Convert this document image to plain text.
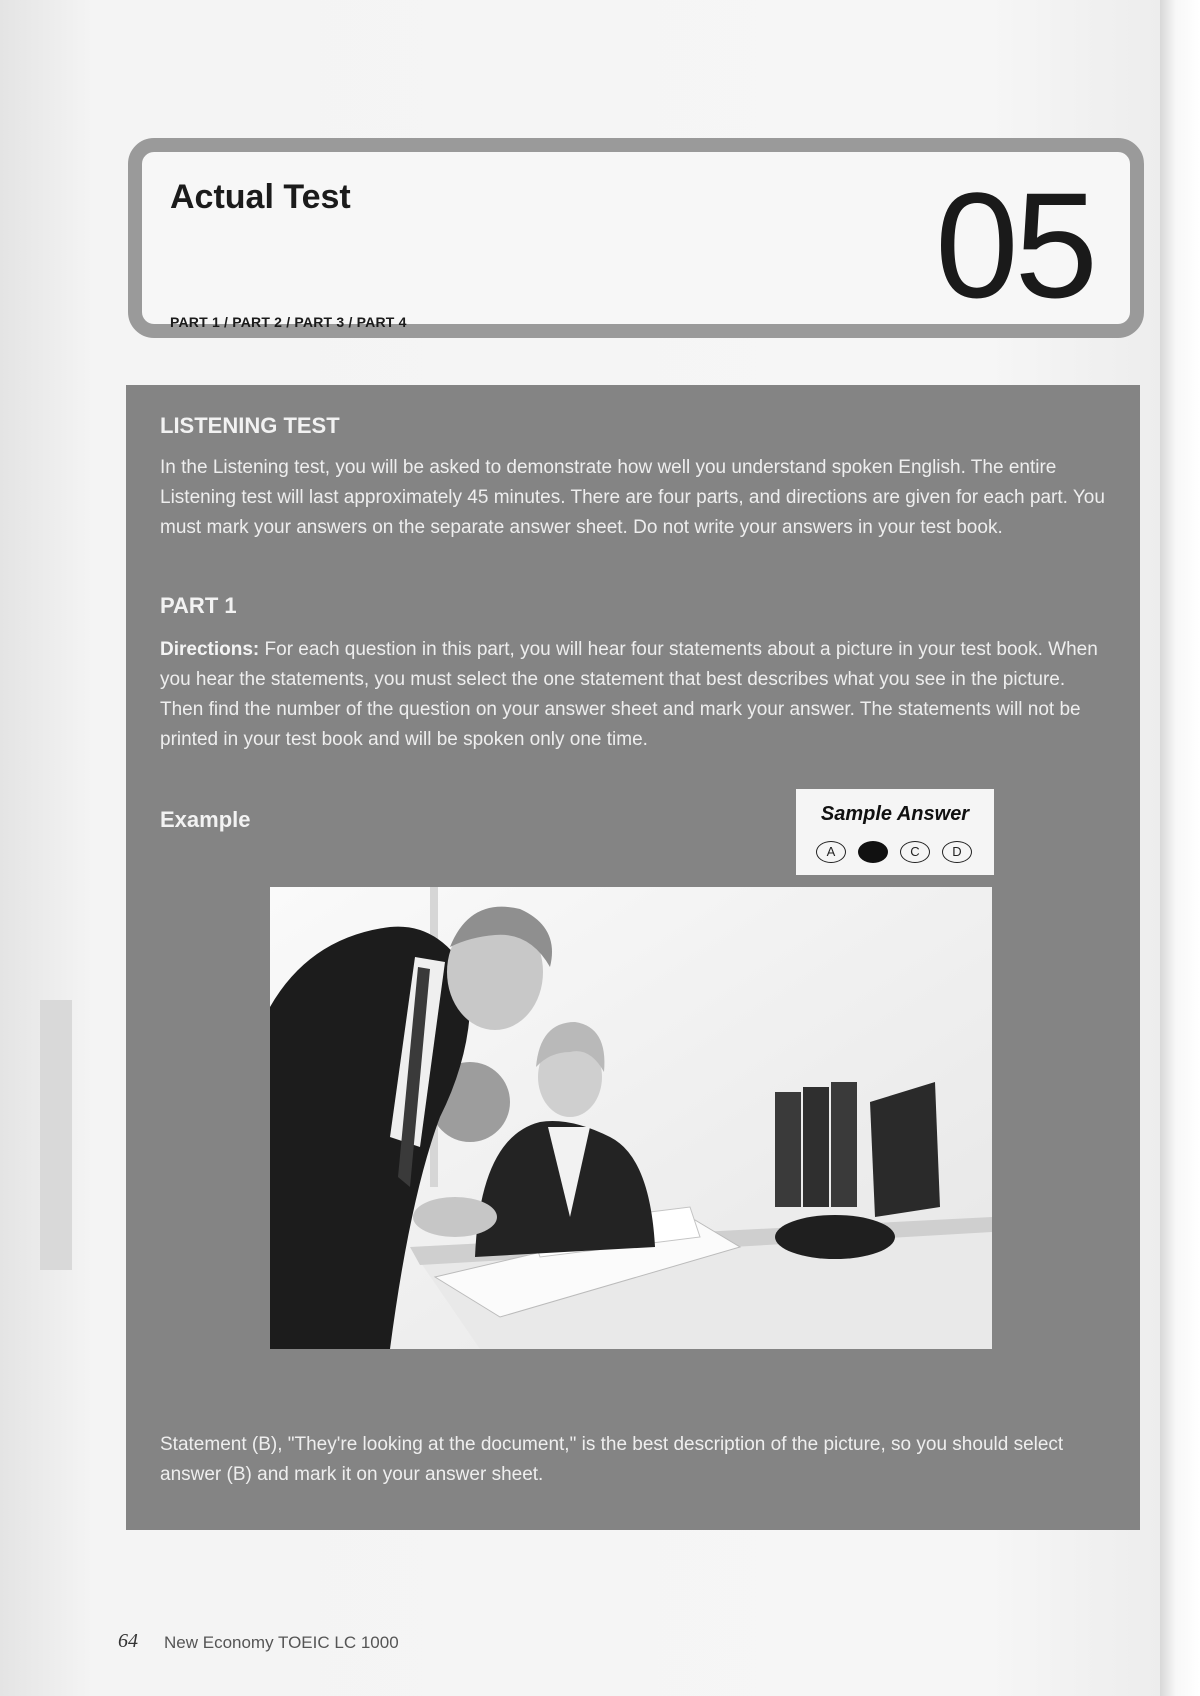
Actual Test
PART 1 / PART 2 / PART 3 / PART 4	05
LISTENING TEST
In the Listening test, you will be asked to demonstrate how well you understand spoken English. The entire Listening test will last approximately 45 minutes. There are four parts, and directions are given for each part. You must mark your answers on the separate answer sheet. Do not write your answers in your test book.
PART 1
Directions: For each question in this part, you will hear four statements about a picture in your test book. When you hear the statements, you must select the one statement that best describes what you see in the picture. Then find the number of the question on your answer sheet and mark your answer. The statements will not be printed in your test book and will be spoken only one time.
Example	Sample Answer
A	C	D
Statement (B), "They're looking at the document," is the best description of the picture, so you should select answer (B) and mark it on your answer sheet.
64 New Economy TOEIC LC 1000
